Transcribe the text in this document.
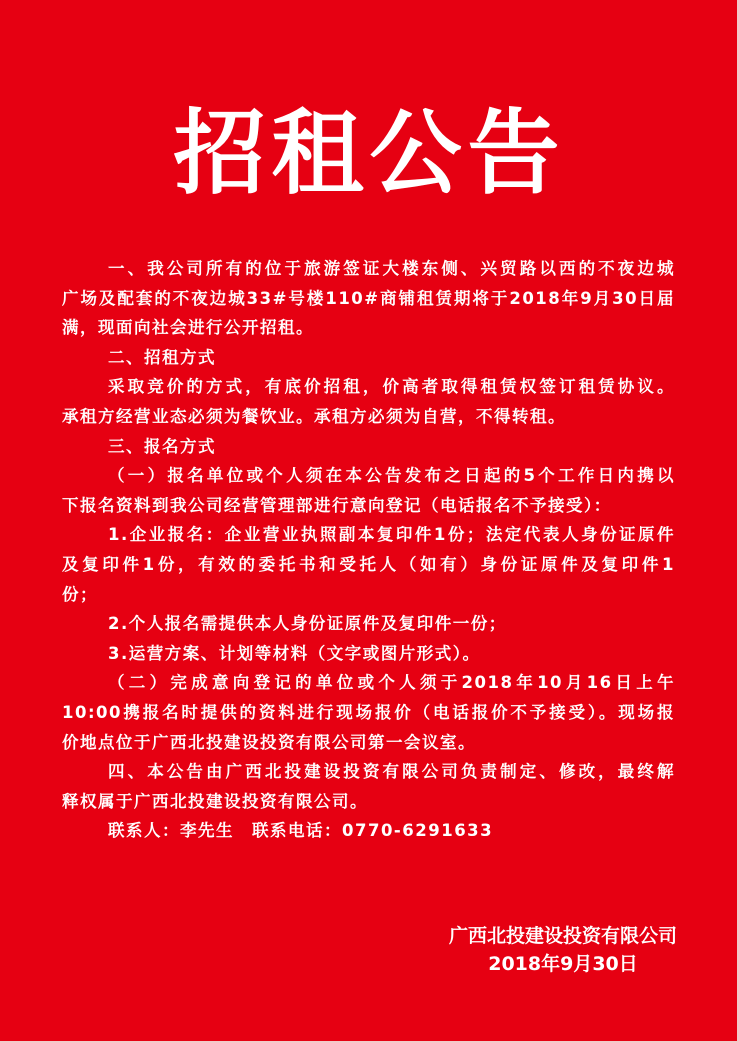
招租公告
一、我公司所有的位于旅游签证大楼东侧、兴贸路以西的不夜边城
广场及配套的不夜边城33#号楼110#商铺租赁期将于2018年9月30日届
满，现面向社会进行公开招租。
二、招租方式
采取竞价的方式，有底价招租，价高者取得租赁权签订租赁协议。
承租方经营业态必须为餐饮业。承租方必须为自营，不得转租。
三、报名方式
（一）报名单位或个人须在本公告发布之日起的5个工作日内携以
下报名资料到我公司经营管理部进行意向登记（电话报名不予接受）：
1.企业报名：企业营业执照副本复印件1份；法定代表人身份证原件
及复印件1份，有效的委托书和受托人（如有）身份证原件及复印件1
份；
2.个人报名需提供本人身份证原件及复印件一份；
3.运营方案、计划等材料（文字或图片形式）。
（二）完成意向登记的单位或个人须于2018年10月16日上午
10:00携报名时提供的资料进行现场报价（电话报价不予接受）。现场报
价地点位于广西北投建设投资有限公司第一会议室。
四、本公告由广西北投建设投资有限公司负责制定、修改，最终解
释权属于广西北投建设投资有限公司。
联系人：李先生　联系电话：0770-6291633
广西北投建设投资有限公司
2018年9月30日
